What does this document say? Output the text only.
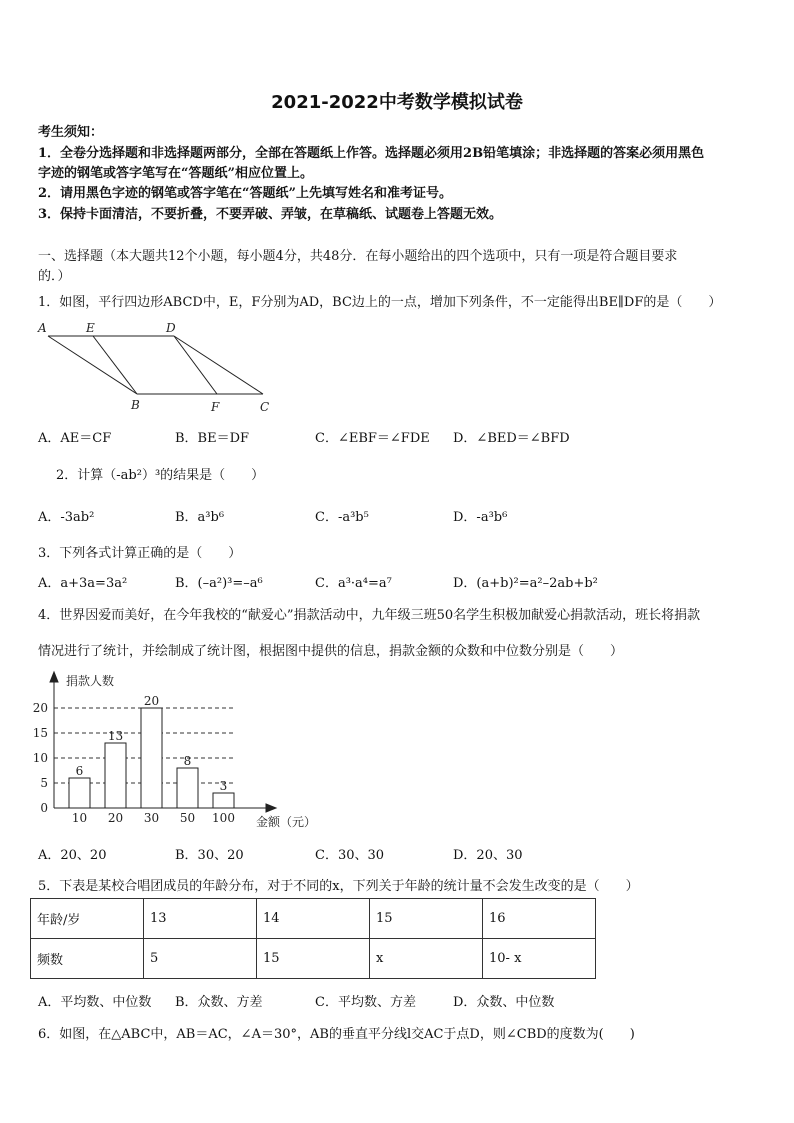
2021-2022中考数学模拟试卷
考生须知：
1．全卷分选择题和非选择题两部分，全部在答题纸上作答。选择题必须用2B铅笔填涂；非选择题的答案必须用黑色
字迹的钢笔或答字笔写在“答题纸”相应位置上。
2．请用黑色字迹的钢笔或答字笔在“答题纸”上先填写姓名和准考证号。
3．保持卡面清洁，不要折叠，不要弄破、弄皱，在草稿纸、试题卷上答题无效。
一、选择题（本大题共12个小题，每小题4分，共48分．在每小题给出的四个选项中，只有一项是符合题目要求
的．）
1．如图，平行四边形ABCD中，E，F分别为AD，BC边上的一点，增加下列条件，不一定能得出BE∥DF的是（　　）
A	E	D
B	F	C
A．AE＝CF	B．BE＝DF	C．∠EBF＝∠FDE D．∠BED＝∠BFD
2．计算（-ab²）³的结果是（　　）
A．-3ab²	B．a³b⁶	C．-a³b⁵	D．-a³b⁶
3．下列各式计算正确的是（　　）
A．a+3a=3a²	B．(–a²)³=–a⁶	C．a³·a⁴=a⁷	D．(a+b)²=a²–2ab+b²
4．世界因爱而美好，在今年我校的“献爱心”捐款活动中，九年级三班50名学生积极加献爱心捐款活动，班长将捐款
情况进行了统计，并绘制成了统计图，根据图中提供的信息，捐款金额的众数和中位数分别是（　　）
捐款人数
金额（元）
0
5
10
15
20
6
13
20
8
3
10 20 30 50 100
A．20、20	B．30、20	C．30、30	D．20、30
5．下表是某校合唱团成员的年龄分布，对于不同的x，下列关于年龄的统计量不会发生改变的是（　　）
年龄/岁	13	14	15	16
频数	5	15	x	10- x
A．平均数、中位数 B．众数、方差	C．平均数、方差	D．众数、中位数
6．如图，在△ABC中，AB＝AC，∠A＝30°，AB的垂直平分线l交AC于点D，则∠CBD的度数为(　　)
